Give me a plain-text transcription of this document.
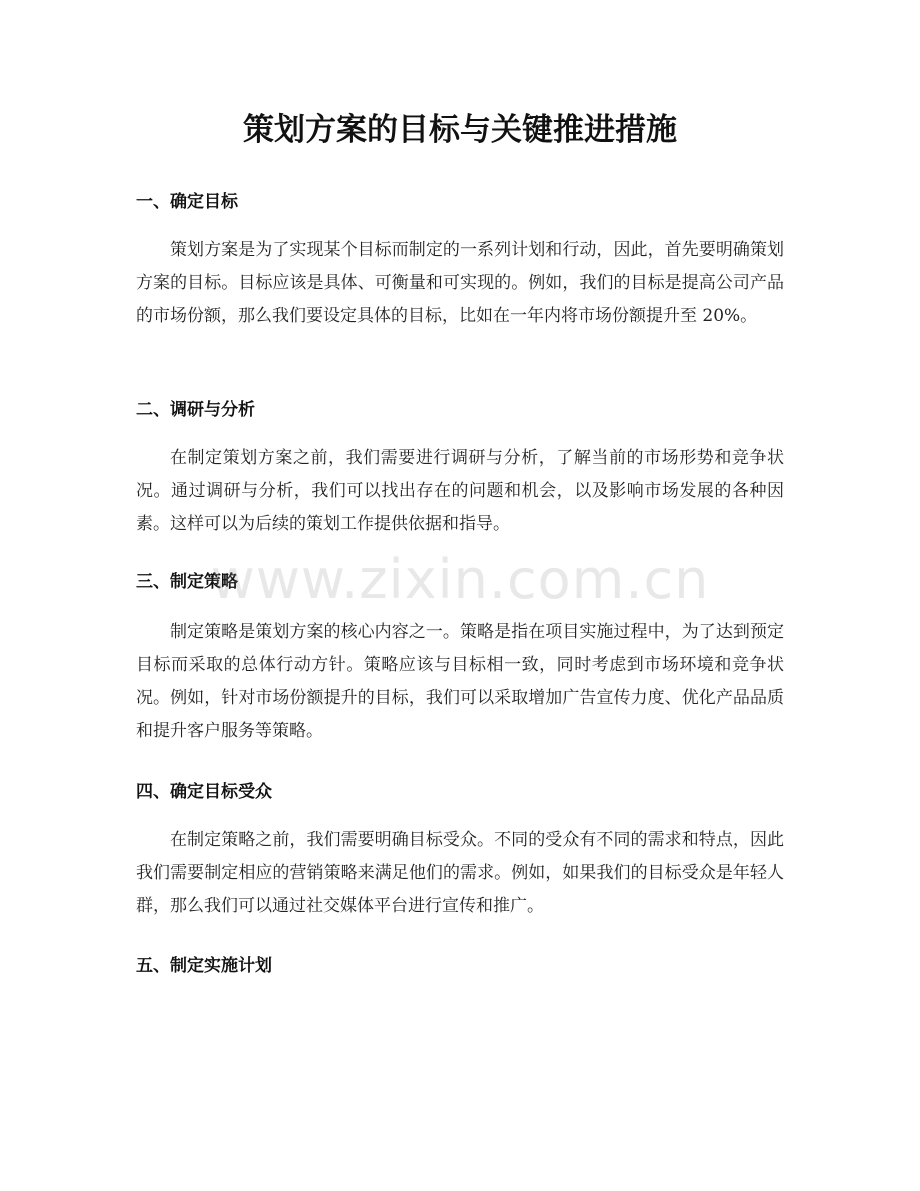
策划方案的目标与关键推进措施
一、确定目标

策划方案是为了实现某个目标而制定的一系列计划和行动，因此，首先要明确策划方案的目标。目标应该是具体、可衡量和可实现的。例如，我们的目标是提高公司产品的市场份额，那么我们要设定具体的目标，比如在一年内将市场份额提升至 20%。

二、调研与分析

在制定策划方案之前，我们需要进行调研与分析，了解当前的市场形势和竞争状况。通过调研与分析，我们可以找出存在的问题和机会，以及影响市场发展的各种因素。这样可以为后续的策划工作提供依据和指导。

三、制定策略

制定策略是策划方案的核心内容之一。策略是指在项目实施过程中，为了达到预定目标而采取的总体行动方针。策略应该与目标相一致，同时考虑到市场环境和竞争状况。例如，针对市场份额提升的目标，我们可以采取增加广告宣传力度、优化产品品质和提升客户服务等策略。

四、确定目标受众

在制定策略之前，我们需要明确目标受众。不同的受众有不同的需求和特点，因此我们需要制定相应的营销策略来满足他们的需求。例如，如果我们的目标受众是年轻人群，那么我们可以通过社交媒体平台进行宣传和推广。

五、制定实施计划
www.zixin.com.cn
